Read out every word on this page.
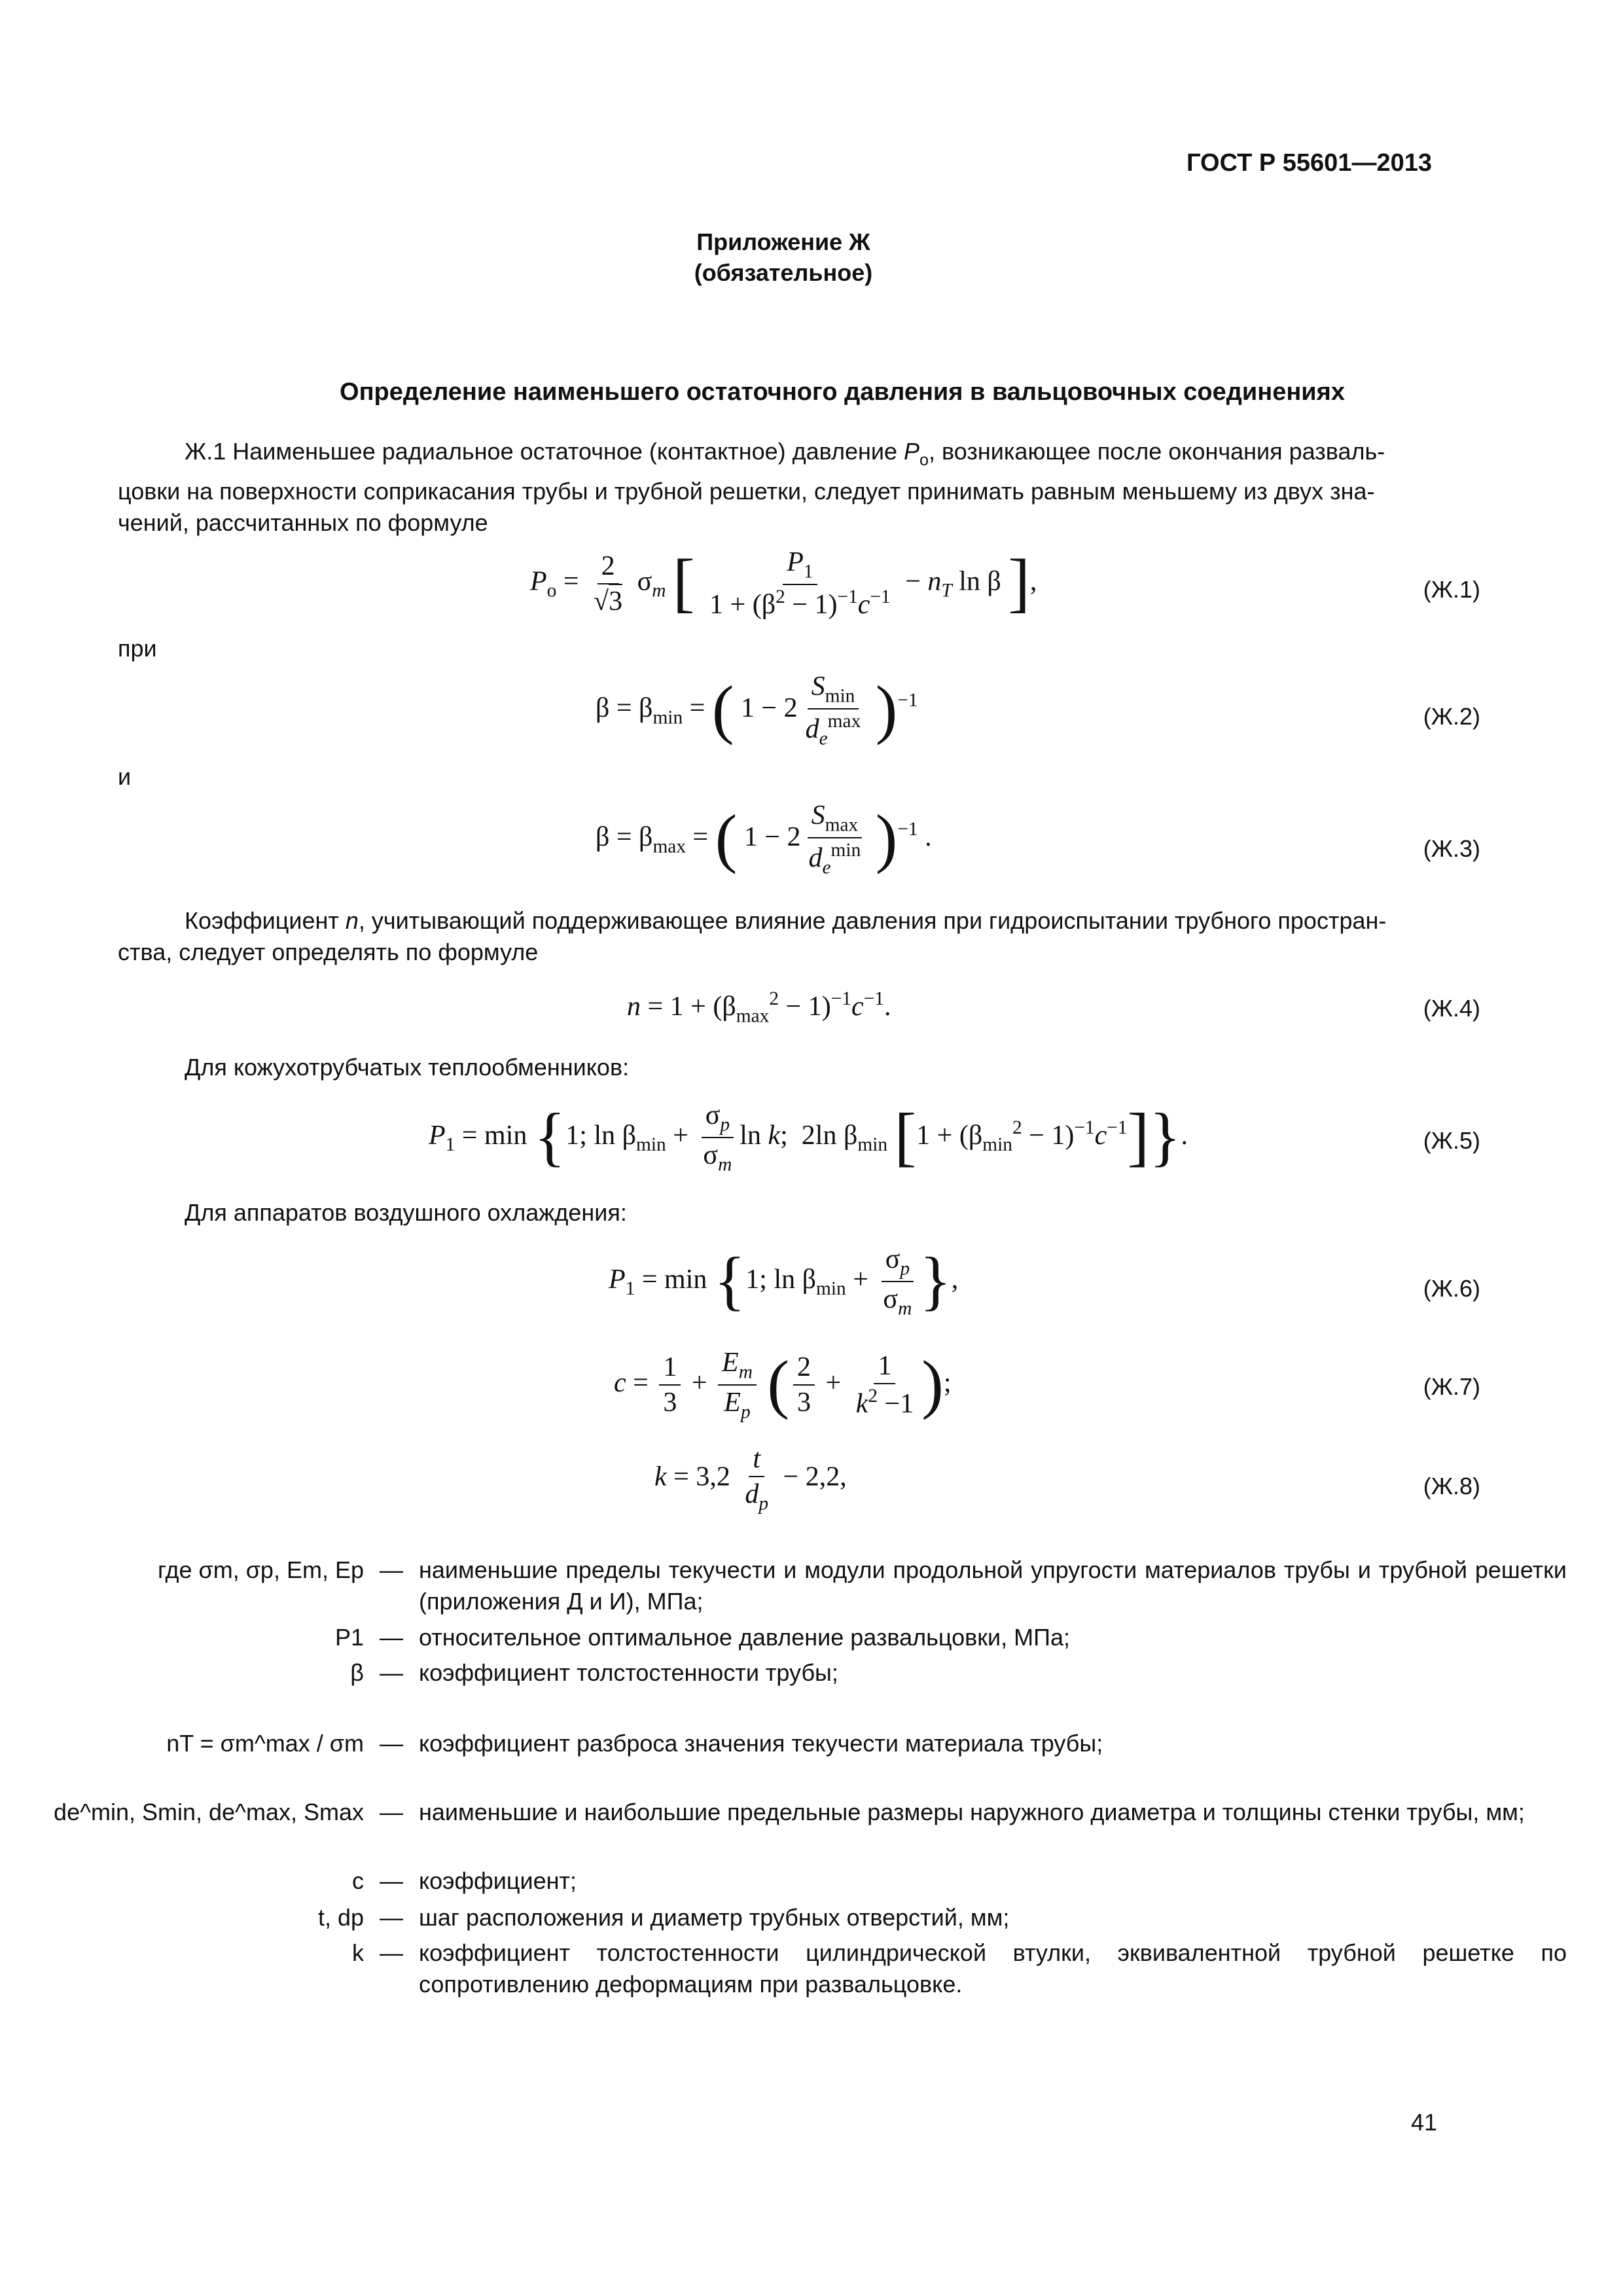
ГОСТ Р 55601—2013
Приложение Ж
(обязательное)
Определение наименьшего остаточного давления в вальцовочных соединениях
Ж.1 Наименьшее радиальное остаточное (контактное) давление $P_o$, возникающее после окончания разваль-
цовки на поверхности соприкасания трубы и трубной решетки, следует принимать равным меньшему из двух зна-
чений, рассчитанных по формуле
$P_o = \frac{2}{√3} \sigma_m$ [ $\frac{P_1}{1 + (\beta^2 - 1)^{-1}c^{-1}} - n_T$ ln β ],	(Ж.1)
при
$\beta = \beta_{min}$ = ( $1 - 2 \frac{S_{min}}{d_e^{max}} )^{-1}$
(Ж.2)
и
$\beta = \beta_{max}$ = ( $1 - 2 \frac{S_{max}}{d_e^{min}} )^{-1}$ .	(Ж.3)
Коэффициент n, учитывающий поддерживающее влияние давления при гидроиспытании трубного простран-
ства, следует определять по формуле
$n = 1 + (\beta_{max}^2 - 1)^{-1}c^{-1}$.	(Ж.4)
Для кожухотрубчатых теплообменников:
$P_1 = \min \{1$; $\ln \beta_{min} + \frac{\sigma_p}{\sigma_m}$ ln k;  2ln $\beta_{min}$ $[1 + (\beta_{min}^2 - 1)^{-1}c^{-1}]$}.	(Ж.5)
Для аппаратов воздушного охлаждения:
$P_1 = \min \{1$; $\ln \beta_{min} + \frac{\sigma_p}{\sigma_m}$ },	(Ж.6)
$c = \frac{1}{3} + \frac{E_m}{E_p}$ ( $\frac{2}{3} + \frac{1}{k^2 -1}$ );	(Ж.7)
$k = 3,2 \frac{t}{d_p} - 2,2$,	(Ж.8)
где σm, σp, Em, Ep — наименьшие пределы текучести и модули продольной упругости материалов трубы и трубной решетки (приложения Д и И), МПа;
P1 — относительное оптимальное давление развальцовки, МПа;
β — коэффициент толстостенности трубы;
nT = σm^max / σm — коэффициент разброса значения текучести материала трубы;
de^min, Smin, de^max, Smax — наименьшие и наибольшие предельные размеры наружного диаметра и толщины стенки трубы, мм;
c — коэффициент;
t, dp — шаг расположения и диаметр трубных отверстий, мм;
k — коэффициент толстостенности цилиндрической втулки, эквивалентной трубной решетке по сопротивлению деформациям при развальцовке.
41
